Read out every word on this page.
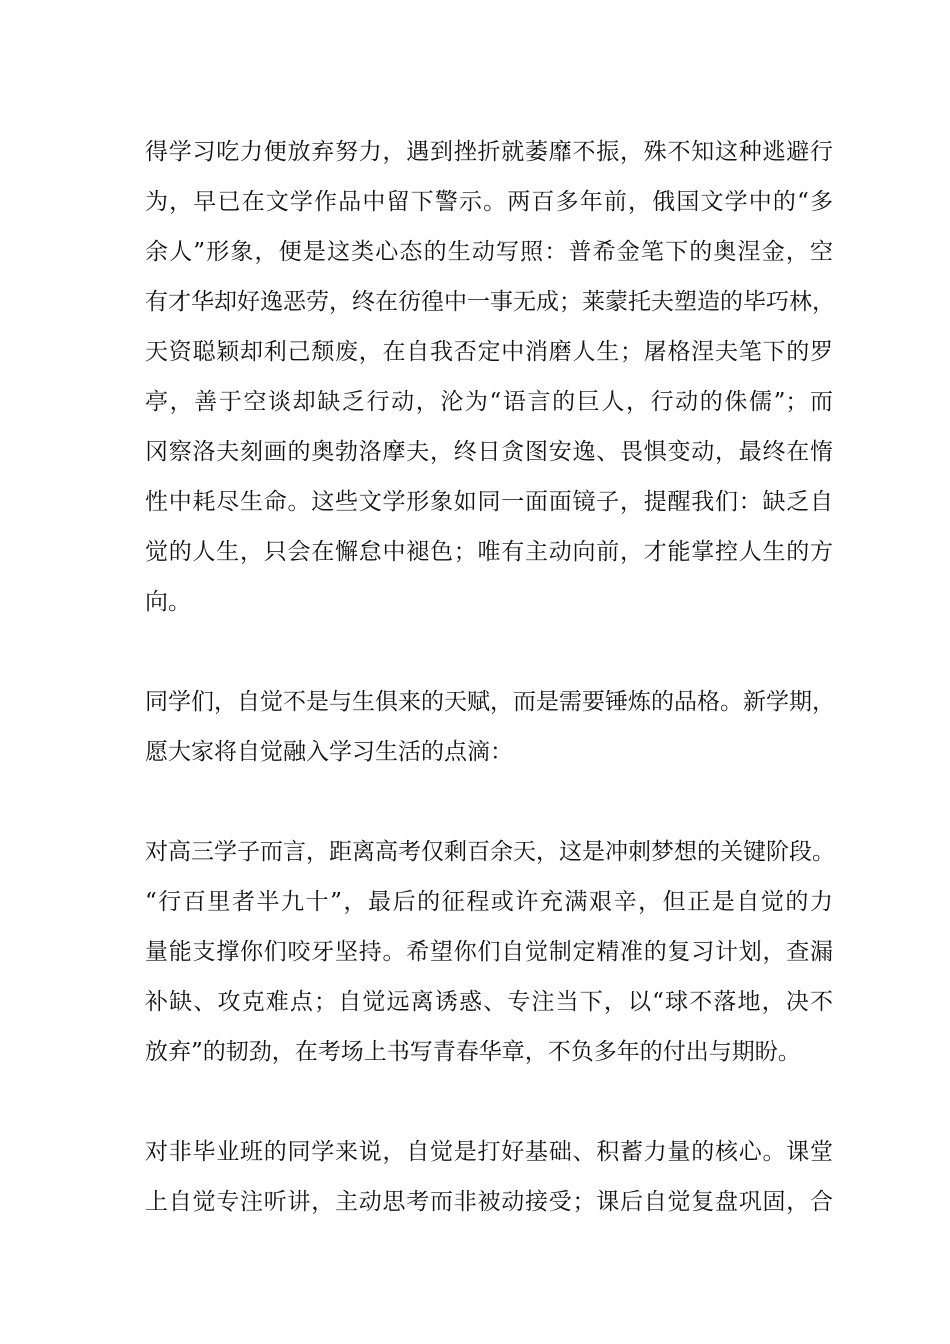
得学习吃力便放弃努力，遇到挫折就萎靡不振，殊不知这种逃避行
为，早已在文学作品中留下警示。两百多年前，俄国文学中的“多
余人”形象，便是这类心态的生动写照：普希金笔下的奥涅金，空
有才华却好逸恶劳，终在彷徨中一事无成；莱蒙托夫塑造的毕巧林，
天资聪颖却利己颓废，在自我否定中消磨人生；屠格涅夫笔下的罗
亭，善于空谈却缺乏行动，沦为“语言的巨人，行动的侏儒”；而
冈察洛夫刻画的奥勃洛摩夫，终日贪图安逸、畏惧变动，最终在惰
性中耗尽生命。这些文学形象如同一面面镜子，提醒我们：缺乏自
觉的人生，只会在懈怠中褪色；唯有主动向前，才能掌控人生的方
向。
同学们，自觉不是与生俱来的天赋，而是需要锤炼的品格。新学期，
愿大家将自觉融入学习生活的点滴：
对高三学子而言，距离高考仅剩百余天，这是冲刺梦想的关键阶段。
“行百里者半九十”，最后的征程或许充满艰辛，但正是自觉的力
量能支撑你们咬牙坚持。希望你们自觉制定精准的复习计划，查漏
补缺、攻克难点；自觉远离诱惑、专注当下，以“球不落地，决不
放弃”的韧劲，在考场上书写青春华章，不负多年的付出与期盼。
对非毕业班的同学来说，自觉是打好基础、积蓄力量的核心。课堂
上自觉专注听讲，主动思考而非被动接受；课后自觉复盘巩固，合
